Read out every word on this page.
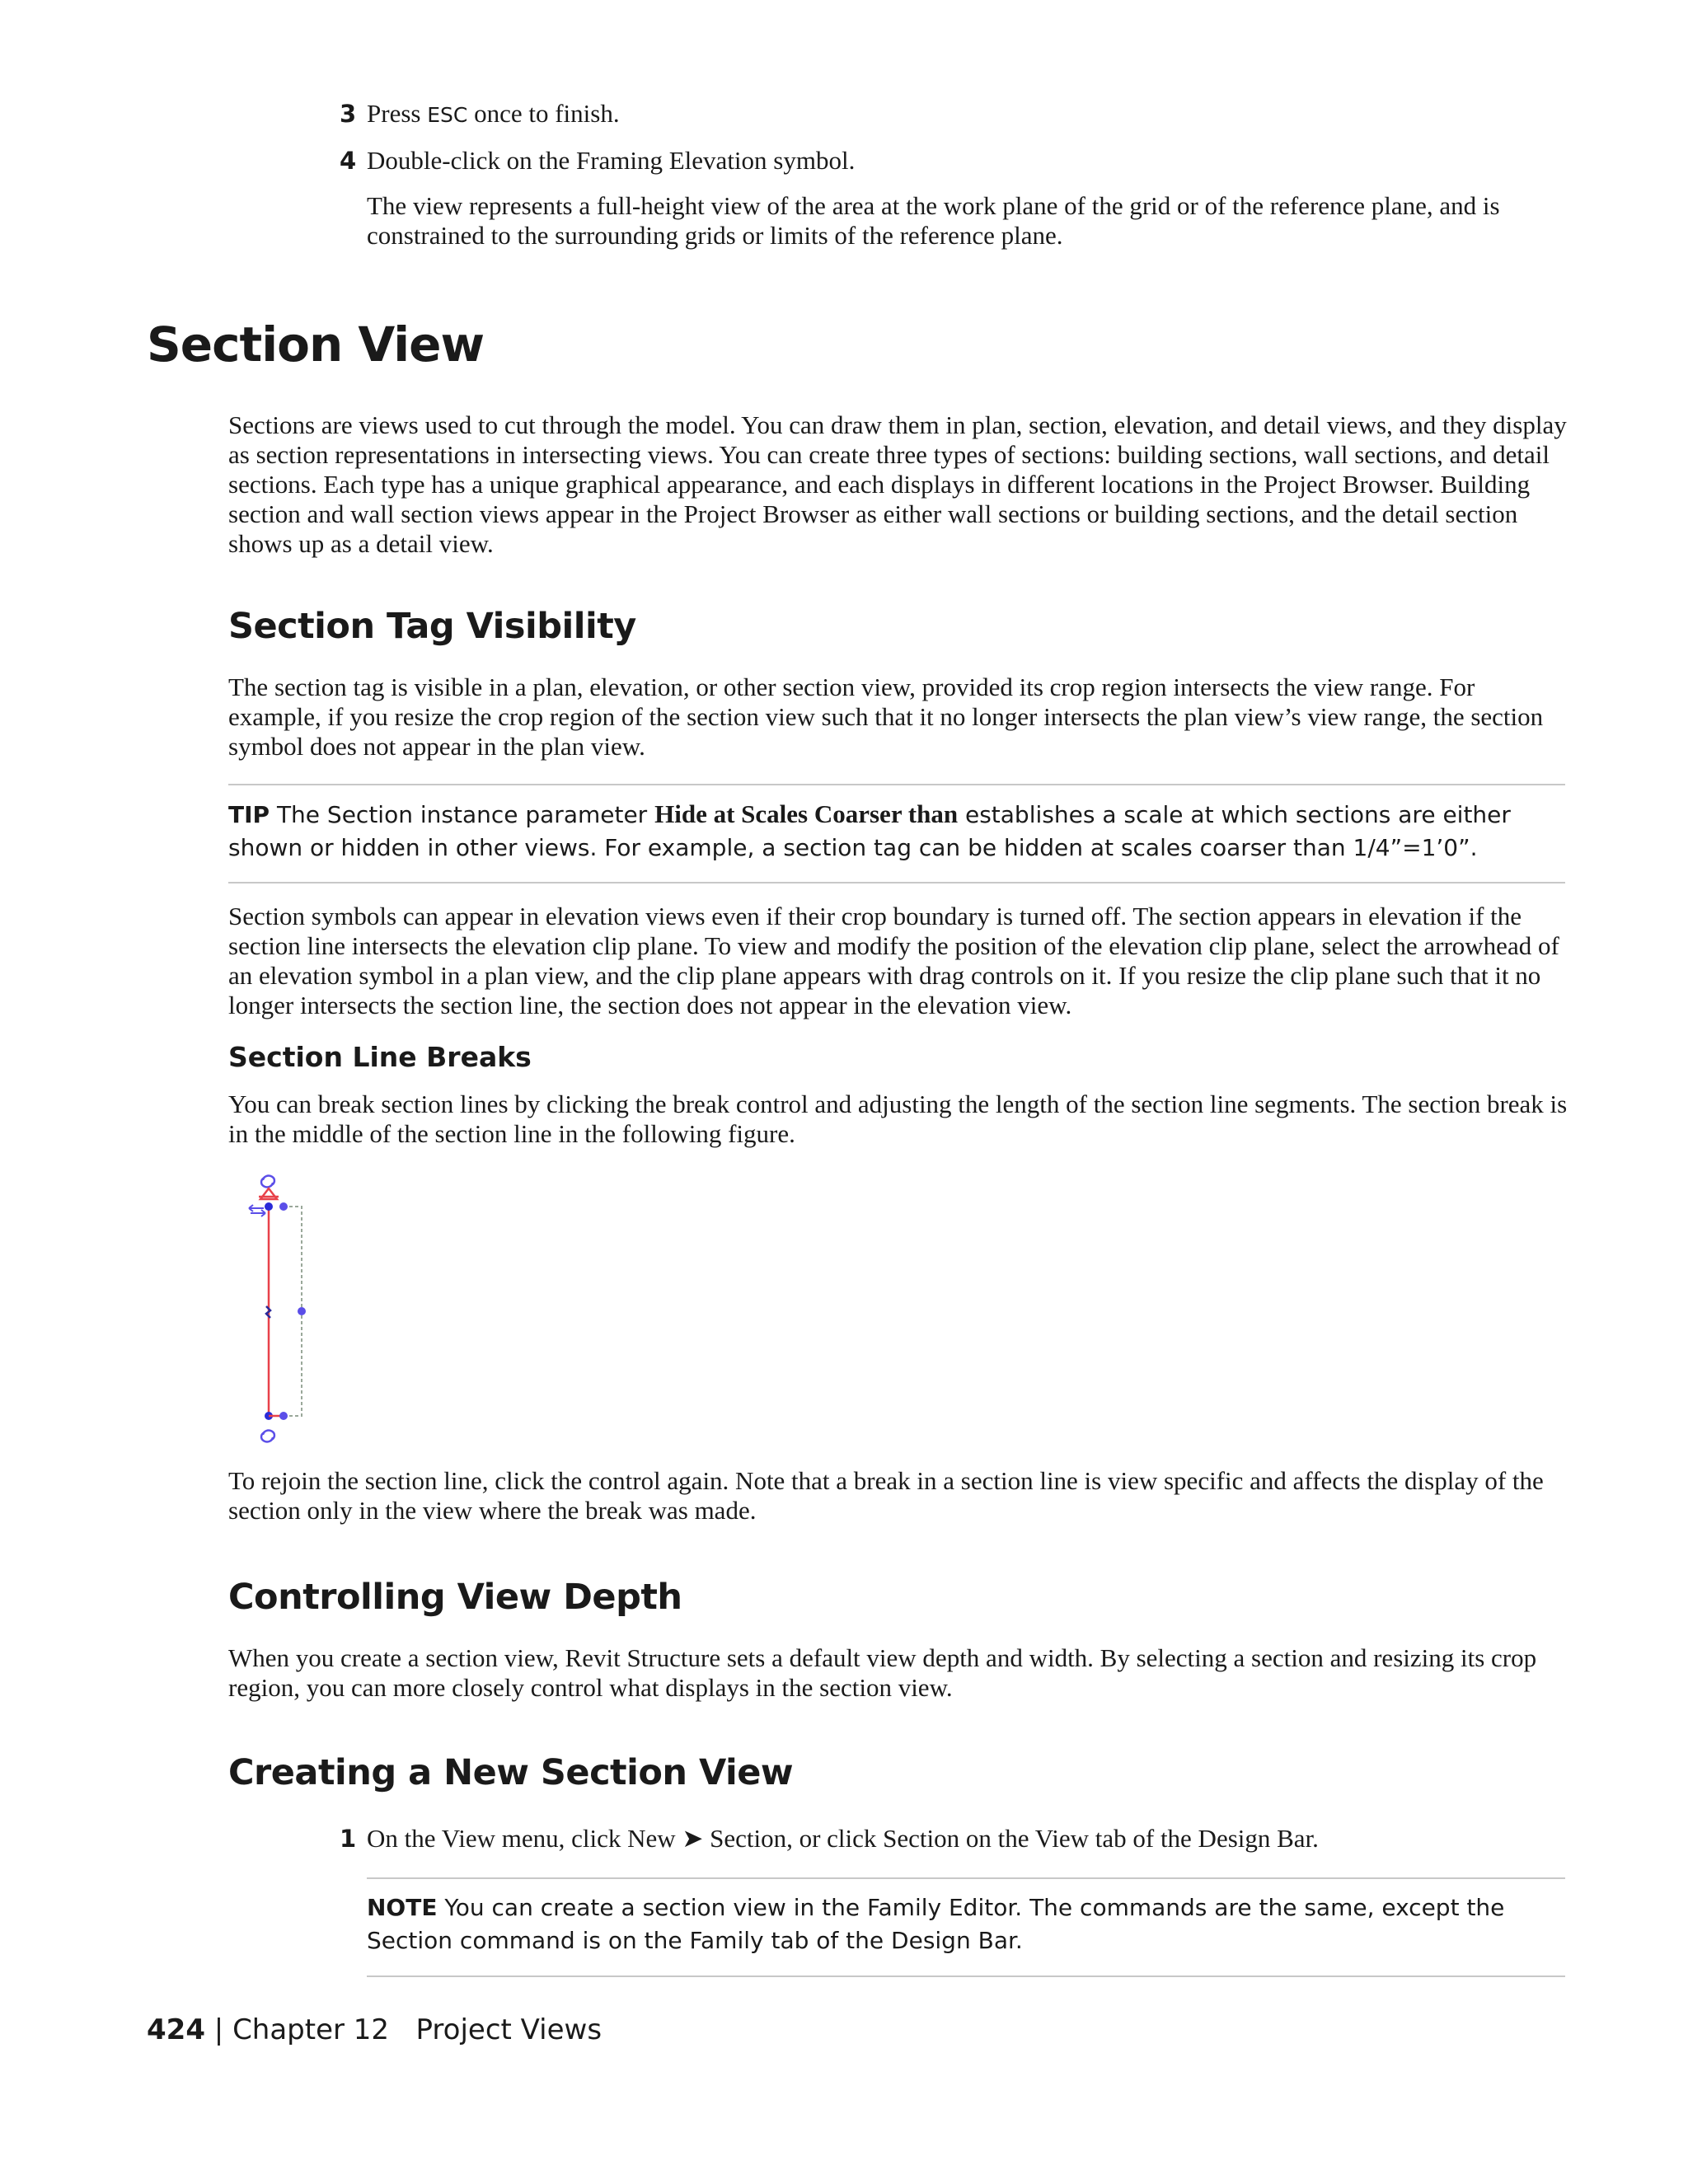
3 Press ESC once to finish.
4 Double-click on the Framing Elevation symbol.
The view represents a full-height view of the area at the work plane of the grid or of the reference plane, and is constrained to the surrounding grids or limits of the reference plane.
Section View
Sections are views used to cut through the model. You can draw them in plan, section, elevation, and detail views, and they display as section representations in intersecting views. You can create three types of sections: building sections, wall sections, and detail sections. Each type has a unique graphical appearance, and each displays in different locations in the Project Browser. Building section and wall section views appear in the Project Browser as either wall sections or building sections, and the detail section shows up as a detail view.
Section Tag Visibility
The section tag is visible in a plan, elevation, or other section view, provided its crop region intersects the view range. For example, if you resize the crop region of the section view such that it no longer intersects the plan view’s view range, the section symbol does not appear in the plan view.
TIP The Section instance parameter Hide at Scales Coarser than establishes a scale at which sections are either shown or hidden in other views. For example, a section tag can be hidden at scales coarser than 1/4”=1’0”.
Section symbols can appear in elevation views even if their crop boundary is turned off. The section appears in elevation if the section line intersects the elevation clip plane. To view and modify the position of the elevation clip plane, select the arrowhead of an elevation symbol in a plan view, and the clip plane appears with drag controls on it. If you resize the clip plane such that it no longer intersects the section line, the section does not appear in the elevation view.
Section Line Breaks
You can break section lines by clicking the break control and adjusting the length of the section line segments. The section break is in the middle of the section line in the following figure.
To rejoin the section line, click the control again. Note that a break in a section line is view specific and affects the display of the section only in the view where the break was made.
Controlling View Depth
When you create a section view, Revit Structure sets a default view depth and width. By selecting a section and resizing its crop region, you can more closely control what displays in the section view.
Creating a New Section View
1 On the View menu, click New ➤ Section, or click Section on the View tab of the Design Bar.
NOTE You can create a section view in the Family Editor. The commands are the same, except the Section command is on the Family tab of the Design Bar.
424 | Chapter 12 Project Views
